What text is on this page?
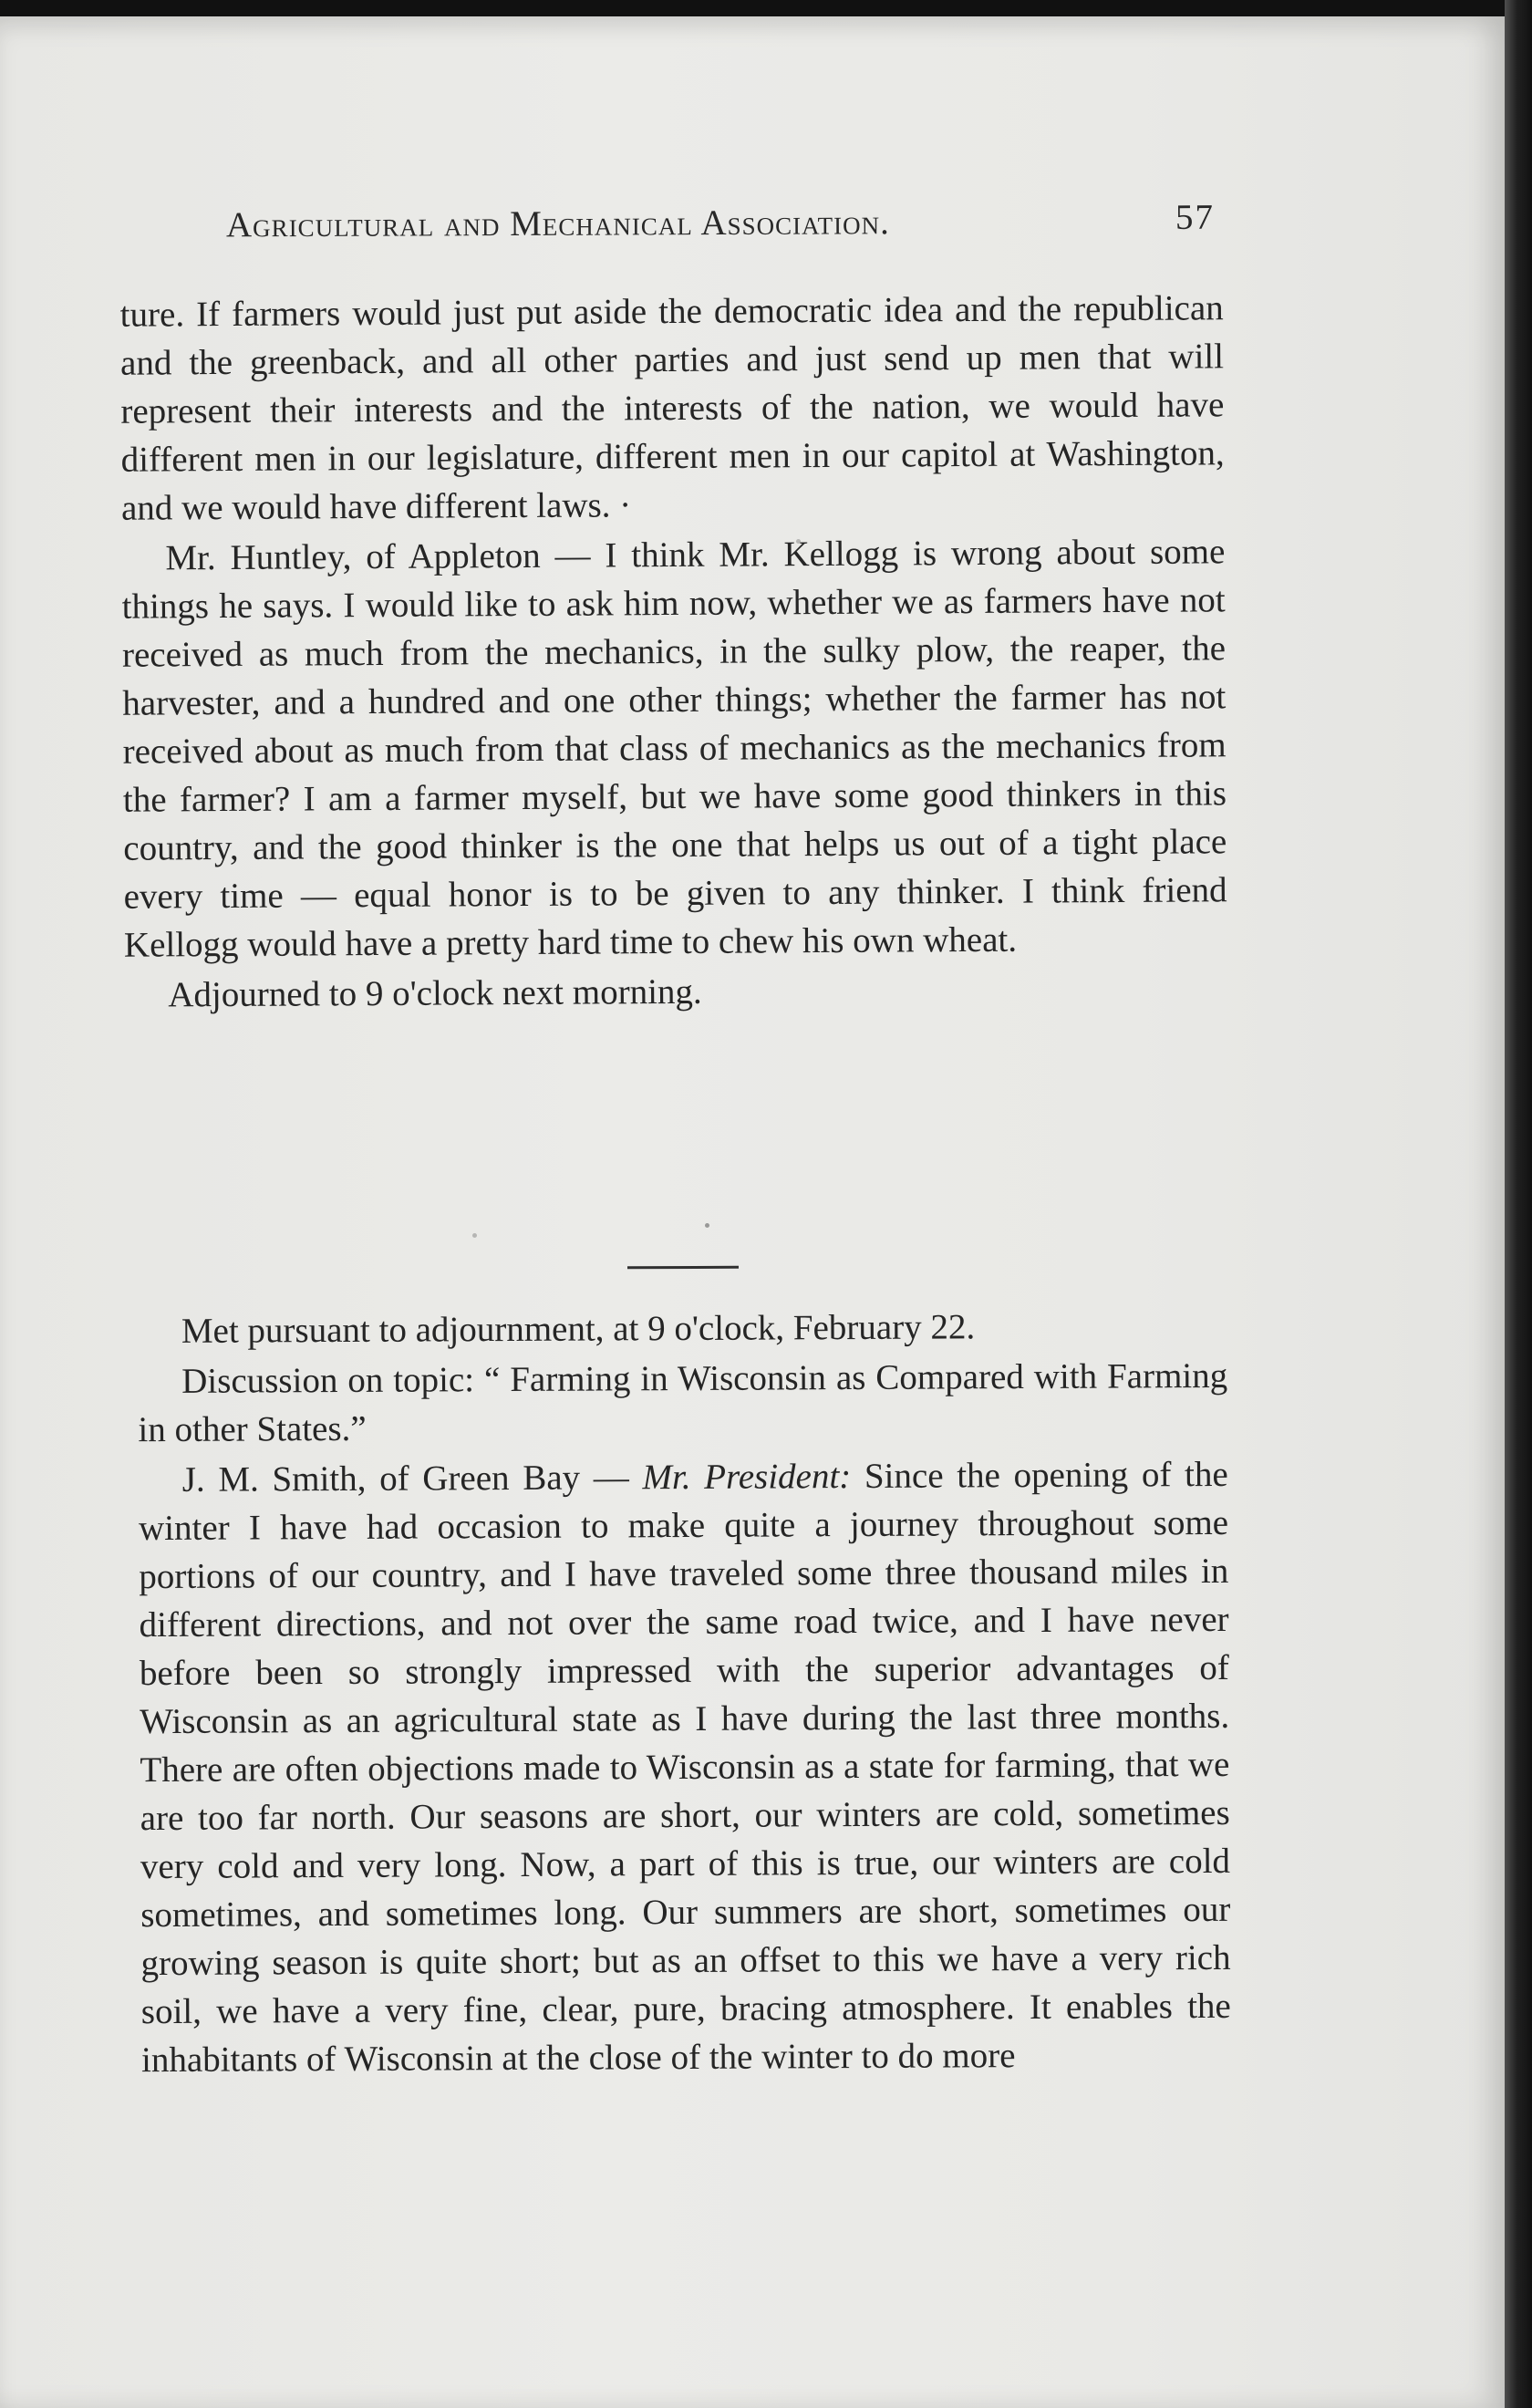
Agricultural and Mechanical Association.	57

ture. If farmers would just put aside the democratic idea and the republican and the greenback, and all other parties and just send up men that will represent their interests and the interests of the nation, we would have different men in our legislature, different men in our capitol at Washington, and we would have different laws. ·

Mr. Huntley, of Appleton — I think Mr. Kellogg is wrong about some things he says. I would like to ask him now, whether we as farmers have not received as much from the mechanics, in the sulky plow, the reaper, the harvester, and a hundred and one other things; whether the farmer has not received about as much from that class of mechanics as the mechanics from the farmer? I am a farmer myself, but we have some good thinkers in this country, and the good thinker is the one that helps us out of a tight place every time — equal honor is to be given to any thinker. I think friend Kellogg would have a pretty hard time to chew his own wheat.

Adjourned to 9 o'clock next morning.

Met pursuant to adjournment, at 9 o'clock, February 22.

Discussion on topic: “ Farming in Wisconsin as Compared with Farming in other States.”

J. M. Smith, of Green Bay — Mr. President: Since the opening of the winter I have had occasion to make quite a journey throughout some portions of our country, and I have traveled some three thousand miles in different directions, and not over the same road twice, and I have never before been so strongly impressed with the superior advantages of Wisconsin as an agricultural state as I have during the last three months. There are often objections made to Wisconsin as a state for farming, that we are too far north. Our seasons are short, our winters are cold, sometimes very cold and very long. Now, a part of this is true, our winters are cold sometimes, and sometimes long. Our summers are short, sometimes our growing season is quite short; but as an offset to this we have a very rich soil, we have a very fine, clear, pure, bracing atmosphere. It enables the inhabitants of Wisconsin at the close of the winter to do more
